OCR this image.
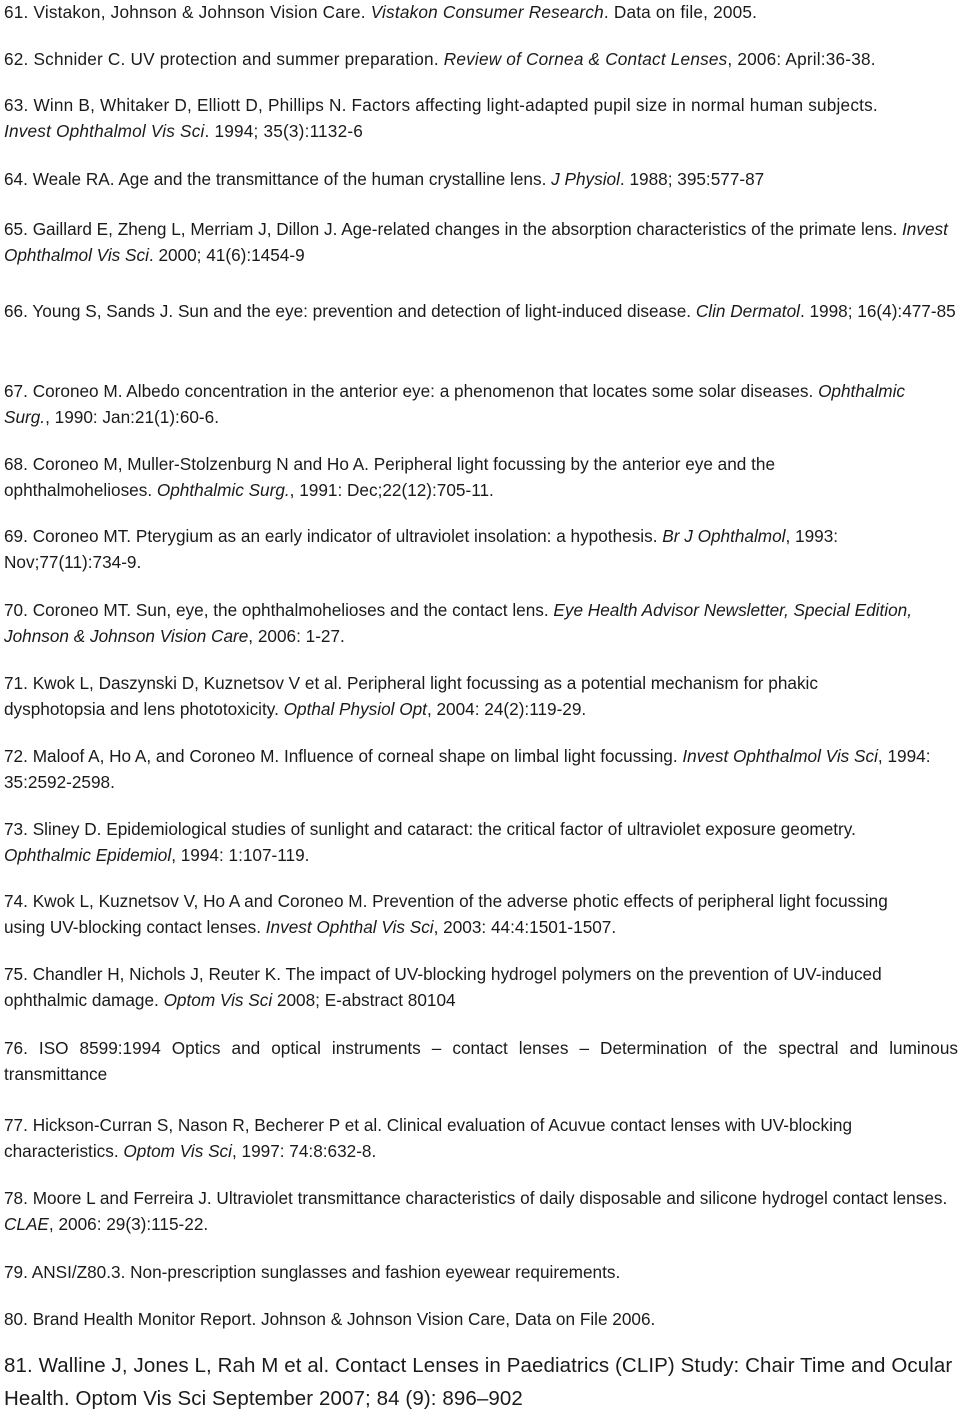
61. Vistakon, Johnson & Johnson Vision Care. Vistakon Consumer Research. Data on file, 2005.

62. Schnider C. UV protection and summer preparation. Review of Cornea & Contact Lenses, 2006: April:36-38.

63. Winn B, Whitaker D, Elliott D, Phillips N. Factors affecting light-adapted pupil size in normal human subjects. Invest Ophthalmol Vis Sci. 1994; 35(3):1132-6

64. Weale RA. Age and the transmittance of the human crystalline lens. J Physiol. 1988; 395:577-87

65. Gaillard E, Zheng L, Merriam J, Dillon J. Age-related changes in the absorption characteristics of the primate lens. Invest Ophthalmol Vis Sci. 2000; 41(6):1454-9

66. Young S, Sands J. Sun and the eye: prevention and detection of light-induced disease. Clin Dermatol. 1998; 16(4):477-85

67. Coroneo M. Albedo concentration in the anterior eye: a phenomenon that locates some solar diseases. Ophthalmic Surg., 1990: Jan:21(1):60-6.

68. Coroneo M, Muller-Stolzenburg N and Ho A. Peripheral light focussing by the anterior eye and the ophthalmohelioses. Ophthalmic Surg., 1991: Dec;22(12):705-11.

69. Coroneo MT. Pterygium as an early indicator of ultraviolet insolation: a hypothesis. Br J Ophthalmol, 1993: Nov;77(11):734-9.

70. Coroneo MT. Sun, eye, the ophthalmohelioses and the contact lens. Eye Health Advisor Newsletter, Special Edition, Johnson & Johnson Vision Care, 2006: 1-27.

71. Kwok L, Daszynski D, Kuznetsov V et al. Peripheral light focussing as a potential mechanism for phakic dysphotopsia and lens phototoxicity. Opthal Physiol Opt, 2004: 24(2):119-29.

72. Maloof A, Ho A, and Coroneo M. Influence of corneal shape on limbal light focussing. Invest Ophthalmol Vis Sci, 1994: 35:2592-2598.

73. Sliney D. Epidemiological studies of sunlight and cataract: the critical factor of ultraviolet exposure geometry. Ophthalmic Epidemiol, 1994: 1:107-119.

74. Kwok L, Kuznetsov V, Ho A and Coroneo M. Prevention of the adverse photic effects of peripheral light focussing using UV-blocking contact lenses. Invest Ophthal Vis Sci, 2003: 44:4:1501-1507.

75. Chandler H, Nichols J, Reuter K. The impact of UV-blocking hydrogel polymers on the prevention of UV-induced ophthalmic damage. Optom Vis Sci 2008; E-abstract 80104

76. ISO 8599:1994 Optics and optical instruments – contact lenses – Determination of the spectral and luminous transmittance

77. Hickson-Curran S, Nason R, Becherer P et al. Clinical evaluation of Acuvue contact lenses with UV-blocking characteristics. Optom Vis Sci, 1997: 74:8:632-8.

78. Moore L and Ferreira J. Ultraviolet transmittance characteristics of daily disposable and silicone hydrogel contact lenses. CLAE, 2006: 29(3):115-22.

79. ANSI/Z80.3. Non-prescription sunglasses and fashion eyewear requirements.

80. Brand Health Monitor Report. Johnson & Johnson Vision Care, Data on File 2006.

81. Walline J, Jones L, Rah M et al. Contact Lenses in Paediatrics (CLIP) Study: Chair Time and Ocular Health. Optom Vis Sci September 2007; 84 (9): 896–902
